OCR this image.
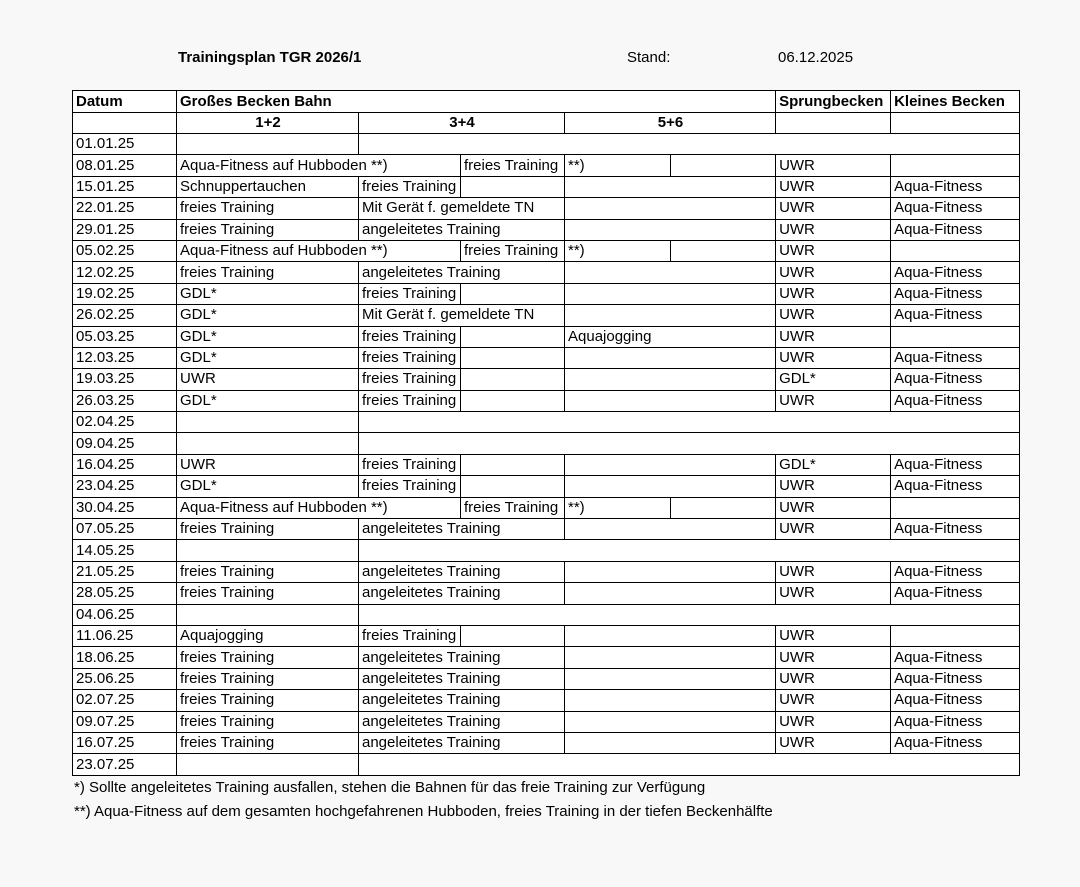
Trainingsplan TGR 2026/1	Stand:	06.12.2025
Datum	Großes Becken Bahn					Sprungbecken	Kleines Becken
	1+2	3+4		5+6			
01.01.25	Schulferien						
08.01.25	Aqua-Fitness auf Hubboden **)		freies Training	**)		UWR	Apnoe
15.01.25	Schnuppertauchen	freies Training		Apnoe		UWR	Aqua-Fitness
22.01.25	freies Training	Mit Gerät f. gemeldete TN		Apnoe		UWR	Aqua-Fitness
29.01.25	freies Training	angeleitetes Training		Apnoe		UWR	Aqua-Fitness
05.02.25	Aqua-Fitness auf Hubboden **)		freies Training	**)		UWR	Apnoe
12.02.25	freies Training	angeleitetes Training		Apnoe		UWR	Aqua-Fitness
19.02.25	GDL*	freies Training		Apnoe		UWR	Aqua-Fitness
26.02.25	GDL*	Mit Gerät f. gemeldete TN		Apnoe		UWR	Aqua-Fitness
05.03.25	GDL*	freies Training		Aquajogging		UWR	Apnoe
12.03.25	GDL*	freies Training		Apnoe		UWR	Aqua-Fitness
19.03.25	UWR	freies Training		Apnoe		GDL*	Aqua-Fitness
26.03.25	GDL*	freies Training		Apnoe		UWR	Aqua-Fitness
02.04.25	Schulferien						
09.04.25	Schulferien						
16.04.25	UWR	freies Training		Apnoe		GDL*	Aqua-Fitness
23.04.25	GDL*	freies Training		Apnoe		UWR	Aqua-Fitness
30.04.25	Aqua-Fitness auf Hubboden **)		freies Training	**)		UWR	Apnoe
07.05.25	freies Training	angeleitetes Training		Apnoe		UWR	Aqua-Fitness
14.05.25	Feiertag						
21.05.25	freies Training	angeleitetes Training		Apnoe		UWR	Aqua-Fitness
28.05.25	freies Training	angeleitetes Training		Apnoe		UWR	Aqua-Fitness
04.06.25	Feiertag						
11.06.25	Aquajogging	freies Training		Apnoe		UWR	Apnoe
18.06.25	freies Training	angeleitetes Training		Apnoe		UWR	Aqua-Fitness
25.06.25	freies Training	angeleitetes Training		Apnoe		UWR	Aqua-Fitness
02.07.25	freies Training	angeleitetes Training		Apnoe		UWR	Aqua-Fitness
09.07.25	freies Training	angeleitetes Training		Apnoe		UWR	Aqua-Fitness
16.07.25	freies Training	angeleitetes Training		Apnoe		UWR	Aqua-Fitness
23.07.25	Beginn Sommerferien						
*) Sollte angeleitetes Training ausfallen, stehen die Bahnen für das freie Training zur Verfügung
**) Aqua-Fitness auf dem gesamten hochgefahrenen Hubboden, freies Training in der tiefen Beckenhälfte
